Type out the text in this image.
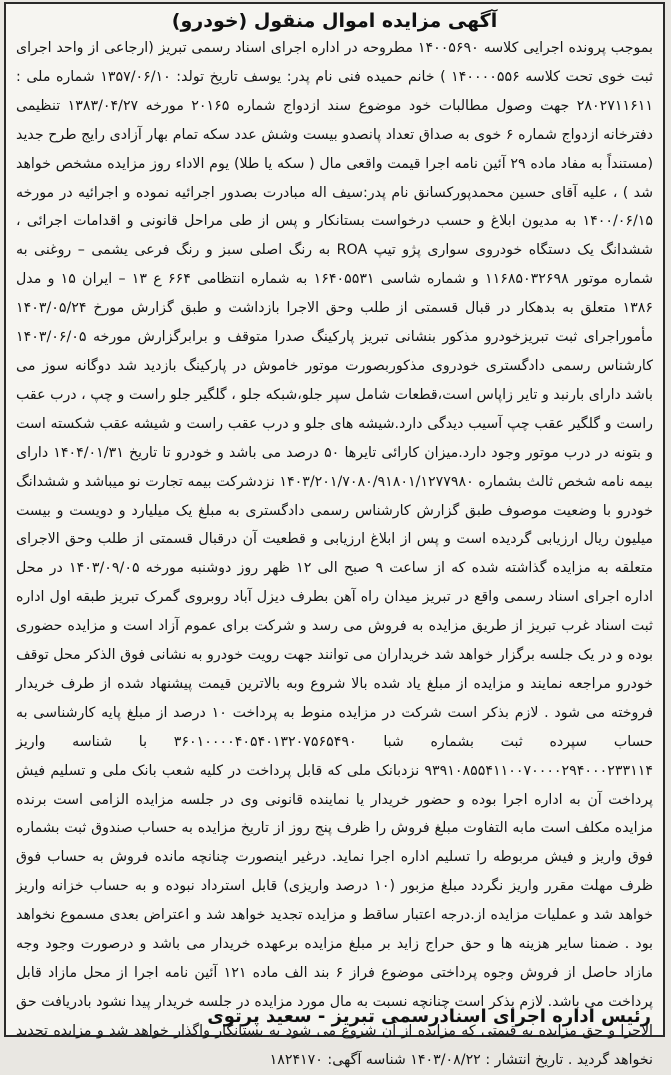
آگهی مزایده اموال منقول (خودرو)
بموجب پرونده اجرایی کلاسه ۱۴۰۰۵۶۹۰ مطروحه در اداره اجرای اسناد رسمی تبریز (ارجاعی از واحد اجرای ثبت خوی تحت کلاسه ۱۴۰۰۰۰۵۵۶ ) خانم حمیده فنی نام پدر: یوسف تاریخ تولد: ۱۳۵۷/۰۶/۱۰ شماره ملی : ۲۸۰۲۷۱۱۶۱۱ جهت وصول مطالبات خود موضوع سند ازدواج شماره ۲۰۱۶۵ مورخه ۱۳۸۳/۰۴/۲۷ تنظیمی دفترخانه ازدواج شماره ۶ خوی به صداق تعداد پانصدو بیست وشش عدد سکه تمام بهار آزادی رایج طرح جدید (مستنداً به مفاد ماده ۲۹ آئین نامه اجرا قیمت واقعی مال ( سکه یا طلا) یوم الاداء روز مزایده مشخص خواهد شد ) ، علیه آقای حسین محمدپورکسانق نام پدر:سیف اله مبادرت بصدور اجرائیه نموده و اجرائیه در مورخه ۱۴۰۰/۰۶/۱۵ به مدیون ابلاغ و حسب درخواست بستانکار و پس از طی مراحل قانونی و اقدامات اجرائی ، ششدانگ یک دستگاه خودروی سواری پژو تیپ ROA به رنگ اصلی سبز و رنگ فرعی یشمی – روغنی به شماره موتور ۱۱۶۸۵۰۳۲۶۹۸ و شماره شاسی ۱۶۴۰۵۵۳۱ به شماره انتظامی ۶۶۴ ع ۱۳ – ایران ۱۵ و مدل ۱۳۸۶ متعلق به بدهکار در قبال قسمتی از طلب وحق الاجرا بازداشت و طبق گزارش مورخ ۱۴۰۳/۰۵/۲۴ مأموراجرای ثبت تبریزخودرو مذکور بنشانی تبریز پارکینگ صدرا متوقف و برابرگزارش مورخه ۱۴۰۳/۰۶/۰۵ کارشناس رسمی دادگستری خودروی مذکوربصورت موتور خاموش در پارکینگ بازدید شد دوگانه سوز می باشد دارای بارنبد و تایر زاپاس است،قطعات شامل سپر جلو،شبکه جلو ، گلگیر جلو راست و چپ ، درب عقب راست و گلگیر عقب چپ آسیب دیدگی دارد.شیشه های جلو و درب عقب راست و شیشه عقب شکسته است و بتونه در درب موتور وجود دارد.میزان کارائی تایرها ۵۰ درصد می باشد و خودرو تا تاریخ ۱۴۰۴/۰۱/۳۱ دارای بیمه نامه شخص ثالث بشماره ۱۴۰۳/۲۰۱/۷۰۸۰/۹۱۸۰۱/۱۲۷۷۹۸۰ نزدشرکت بیمه تجارت نو میباشد و ششدانگ خودرو با وضعیت موصوف طبق گزارش کارشناس رسمی دادگستری به مبلغ یک میلیارد و دویست و بیست میلیون ریال ارزیابی گردیده است و پس از ابلاغ ارزیابی و قطعیت آن درقبال قسمتی از طلب وحق الاجرای متعلقه به مزایده گذاشته شده که از ساعت ۹ صبح الی ۱۲ ظهر روز دوشنبه مورخه ۱۴۰۳/۰۹/۰۵ در محل اداره اجرای اسناد رسمی واقع در تبریز میدان راه آهن بطرف دیزل آباد روبروی گمرک تبریز طبقه اول اداره ثبت اسناد غرب تبریز از طریق مزایده به فروش می رسد و شرکت برای عموم آزاد است و مزایده حضوری بوده و در یک جلسه برگزار خواهد شد خریداران می توانند جهت رویت خودرو به نشانی فوق الذکر محل توقف خودرو مراجعه نمایند و مزایده از مبلغ یاد شده بالا شروع وبه بالاترین قیمت پیشنهاد شده از طرف خریدار فروخته می شود . لازم بذکر است شرکت در مزایده منوط به پرداخت ۱۰ درصد از مبلغ پایه کارشناسی به حساب سپرده ثبت بشماره شبا ۳۶۰۱۰۰۰۰۴۰۵۴۰۱۳۲۰۷۵۶۵۴۹۰ با شناسه واریز ۹۳۹۱۰۸۵۵۴۱۱۰۰۷۰۰۰۰۲۹۴۰۰۰۲۳۳۱۱۴ نزدبانک ملی که قابل پرداخت در کلیه شعب بانک ملی و تسلیم فیش پرداخت آن به اداره اجرا بوده و حضور خریدار یا نماینده قانونی وی در جلسه مزایده الزامی است برنده مزایده مکلف است مابه التفاوت مبلغ فروش را ظرف پنج روز از تاریخ مزایده به حساب صندوق ثبت بشماره فوق واریز و فیش مربوطه را تسلیم اداره اجرا نماید. درغیر اینصورت چنانچه مانده فروش به حساب فوق ظرف مهلت مقرر واریز نگردد مبلغ مزبور (۱۰ درصد واریزی) قابل استرداد نبوده و به حساب خزانه واریز خواهد شد و عملیات مزایده از.درجه اعتبار ساقط و مزایده تجدید خواهد شد و اعتراض بعدی مسموع نخواهد بود . ضمنا سایر هزینه ها و حق حراج زاید بر مبلغ مزایده برعهده خریدار می باشد و درصورت وجود وجه مازاد حاصل از فروش وجوه پرداختی موضوع فراز ۶ بند الف ماده ۱۲۱ آئین نامه اجرا از محل مازاد قابل پرداخت می باشد. لازم بذکر است چنانچه نسبت به مال مورد مزایده در جلسه خریدار پیدا نشود بادریافت حق الاجرا و حق مزایده به قیمتی که مزایده از آن شروع می شود به بستانکار واگذار خواهد شد و مزایده تجدید نخواهد گردید . تاریخ انتشار : ۱۴۰۳/۰۸/۲۲ شناسه آگهی: ۱۸۲۴۱۷۰
رئیس اداره اجرای اسنادرسمی تبریز - سعید پرتوی
